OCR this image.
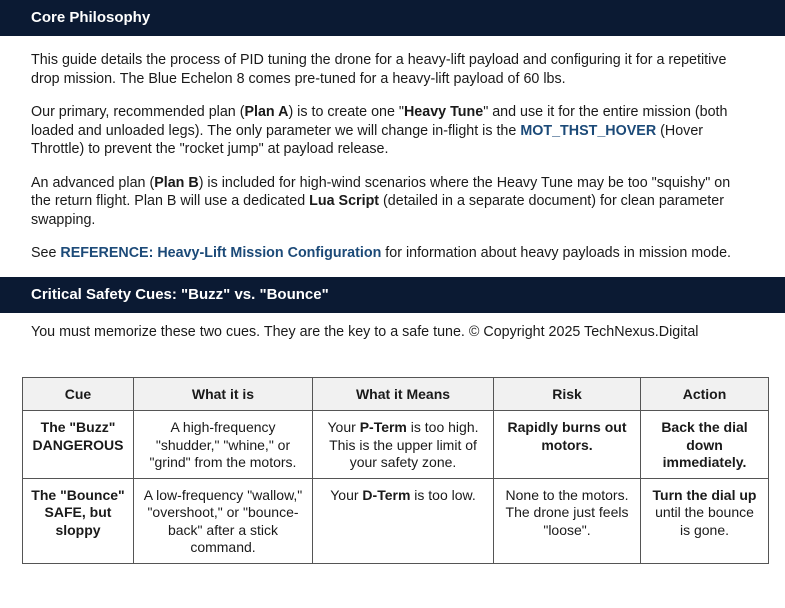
Core Philosophy

This guide details the process of PID tuning the drone for a heavy-lift payload and configuring it for a repetitive drop mission. The Blue Echelon 8 comes pre-tuned for a heavy-lift payload of 60 lbs.

Our primary, recommended plan (Plan A) is to create one "Heavy Tune" and use it for the entire mission (both loaded and unloaded legs). The only parameter we will change in-flight is the MOT_THST_HOVER (Hover Throttle) to prevent the "rocket jump" at payload release.

An advanced plan (Plan B) is included for high-wind scenarios where the Heavy Tune may be too "squishy" on the return flight. Plan B will use a dedicated Lua Script (detailed in a separate document) for clean parameter swapping.

See REFERENCE: Heavy-Lift Mission Configuration for information about heavy payloads in mission mode.

Critical Safety Cues: "Buzz" vs. "Bounce"

You must memorize these two cues. They are the key to a safe tune. © Copyright 2025 TechNexus.Digital

Cue	What it is	What it Means	Risk	Action
The "Buzz" DANGEROUS	A high-frequency "shudder," "whine," or "grind" from the motors.	Your P-Term is too high. This is the upper limit of your safety zone.	Rapidly burns out motors.	Back the dial down immediately.
The "Bounce" SAFE, but sloppy	A low-frequency "wallow," "overshoot," or "bounce-back" after a stick command.	Your D-Term is too low.	None to the motors. The drone just feels "loose".	Turn the dial up until the bounce is gone.
